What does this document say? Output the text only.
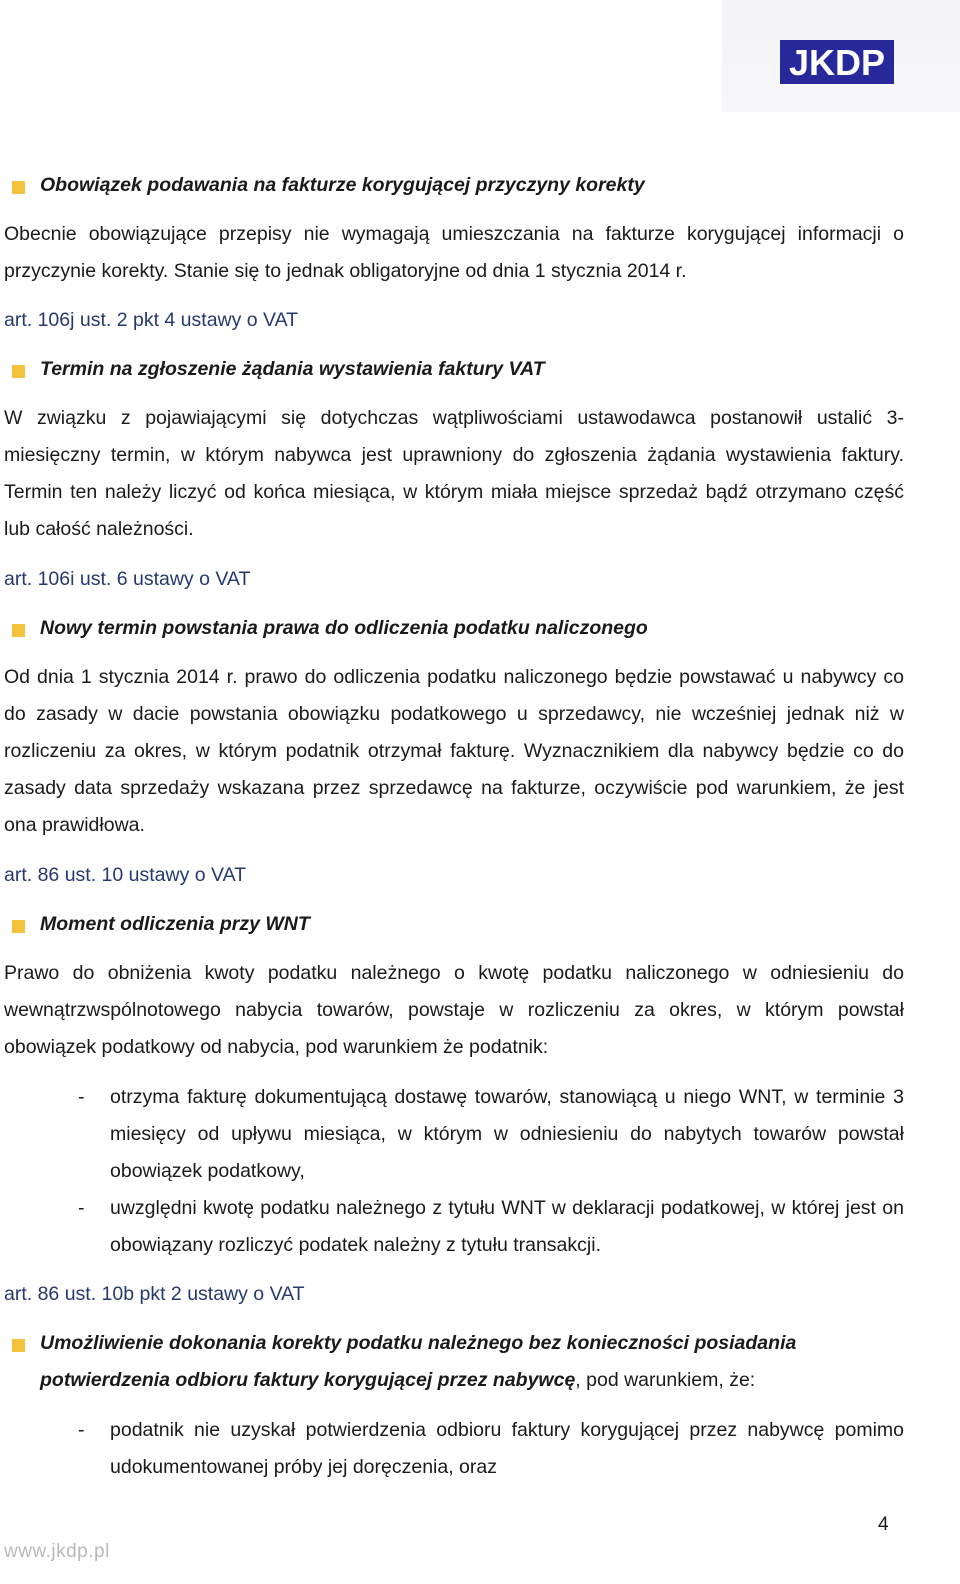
JKDP
Obowiązek podawania na fakturze korygującej przyczyny korekty
Obecnie obowiązujące przepisy nie wymagają umieszczania na fakturze korygującej informacji o przyczynie korekty. Stanie się to jednak obligatoryjne od dnia 1 stycznia 2014 r.
art. 106j ust. 2 pkt 4 ustawy o VAT
Termin na zgłoszenie żądania wystawienia faktury VAT
W związku z pojawiającymi się dotychczas wątpliwościami ustawodawca postanowił ustalić 3-miesięczny termin, w którym nabywca jest uprawniony do zgłoszenia żądania wystawienia faktury. Termin ten należy liczyć od końca miesiąca, w którym miała miejsce sprzedaż bądź otrzymano część lub całość należności.
art. 106i ust. 6 ustawy o VAT
Nowy termin powstania prawa do odliczenia podatku naliczonego
Od dnia 1 stycznia 2014 r. prawo do odliczenia podatku naliczonego będzie powstawać u nabywcy co do zasady w dacie powstania obowiązku podatkowego u sprzedawcy, nie wcześniej jednak niż w rozliczeniu za okres, w którym podatnik otrzymał fakturę. Wyznacznikiem dla nabywcy będzie co do zasady data sprzedaży wskazana przez sprzedawcę na fakturze, oczywiście pod warunkiem, że jest ona prawidłowa.
art. 86 ust. 10 ustawy o VAT
Moment odliczenia przy WNT
Prawo do obniżenia kwoty podatku należnego o kwotę podatku naliczonego w odniesieniu do wewnątrzwspólnotowego nabycia towarów, powstaje w rozliczeniu za okres, w którym powstał obowiązek podatkowy od nabycia, pod warunkiem że podatnik:
- otrzyma fakturę dokumentującą dostawę towarów, stanowiącą u niego WNT, w terminie 3 miesięcy od upływu miesiąca, w którym w odniesieniu do nabytych towarów powstał obowiązek podatkowy,
- uwzględni kwotę podatku należnego z tytułu WNT w deklaracji podatkowej, w której jest on obowiązany rozliczyć podatek należny z tytułu transakcji.
art. 86 ust. 10b pkt 2 ustawy o VAT
Umożliwienie dokonania korekty podatku należnego bez konieczności posiadania potwierdzenia odbioru faktury korygującej przez nabywcę, pod warunkiem, że:
- podatnik nie uzyskał potwierdzenia odbioru faktury korygującej przez nabywcę pomimo udokumentowanej próby jej doręczenia, oraz
4
www.jkdp.pl
